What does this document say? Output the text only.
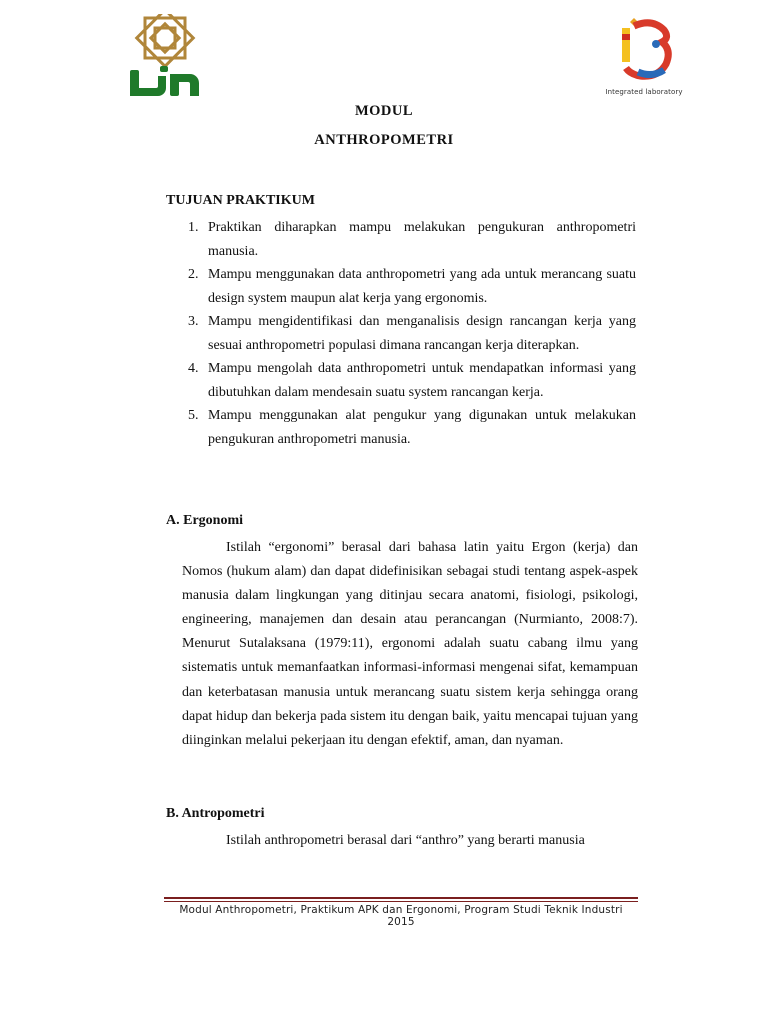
Integrated laboratory
MODUL
ANTHROPOMETRI
TUJUAN PRAKTIKUM
1. Praktikan diharapkan mampu melakukan pengukuran anthropometri manusia.
2. Mampu menggunakan data anthropometri yang ada untuk merancang suatu design system maupun alat kerja yang ergonomis.
3. Mampu mengidentifikasi dan menganalisis design rancangan kerja yang sesuai anthropometri populasi dimana rancangan kerja diterapkan.
4. Mampu mengolah data anthropometri untuk mendapatkan informasi yang dibutuhkan dalam mendesain suatu system rancangan kerja.
5. Mampu menggunakan alat pengukur yang digunakan untuk melakukan pengukuran anthropometri manusia.
A. Ergonomi

Istilah “ergonomi” berasal dari bahasa latin yaitu Ergon (kerja) dan Nomos (hukum alam) dan dapat didefinisikan sebagai studi tentang aspek-aspek manusia dalam lingkungan yang ditinjau secara anatomi, fisiologi, psikologi, engineering, manajemen dan desain atau perancangan (Nurmianto, 2008:7). Menurut Sutalaksana (1979:11), ergonomi adalah suatu cabang ilmu yang sistematis untuk memanfaatkan informasi-informasi mengenai sifat, kemampuan dan keterbatasan manusia untuk merancang suatu sistem kerja sehingga orang dapat hidup dan bekerja pada sistem itu dengan baik, yaitu mencapai tujuan yang diinginkan melalui pekerjaan itu dengan efektif, aman, dan nyaman.

B. Antropometri

Istilah anthropometri berasal dari “anthro” yang berarti manusia

Modul Anthropometri, Praktikum APK dan Ergonomi, Program Studi Teknik Industri 2015
